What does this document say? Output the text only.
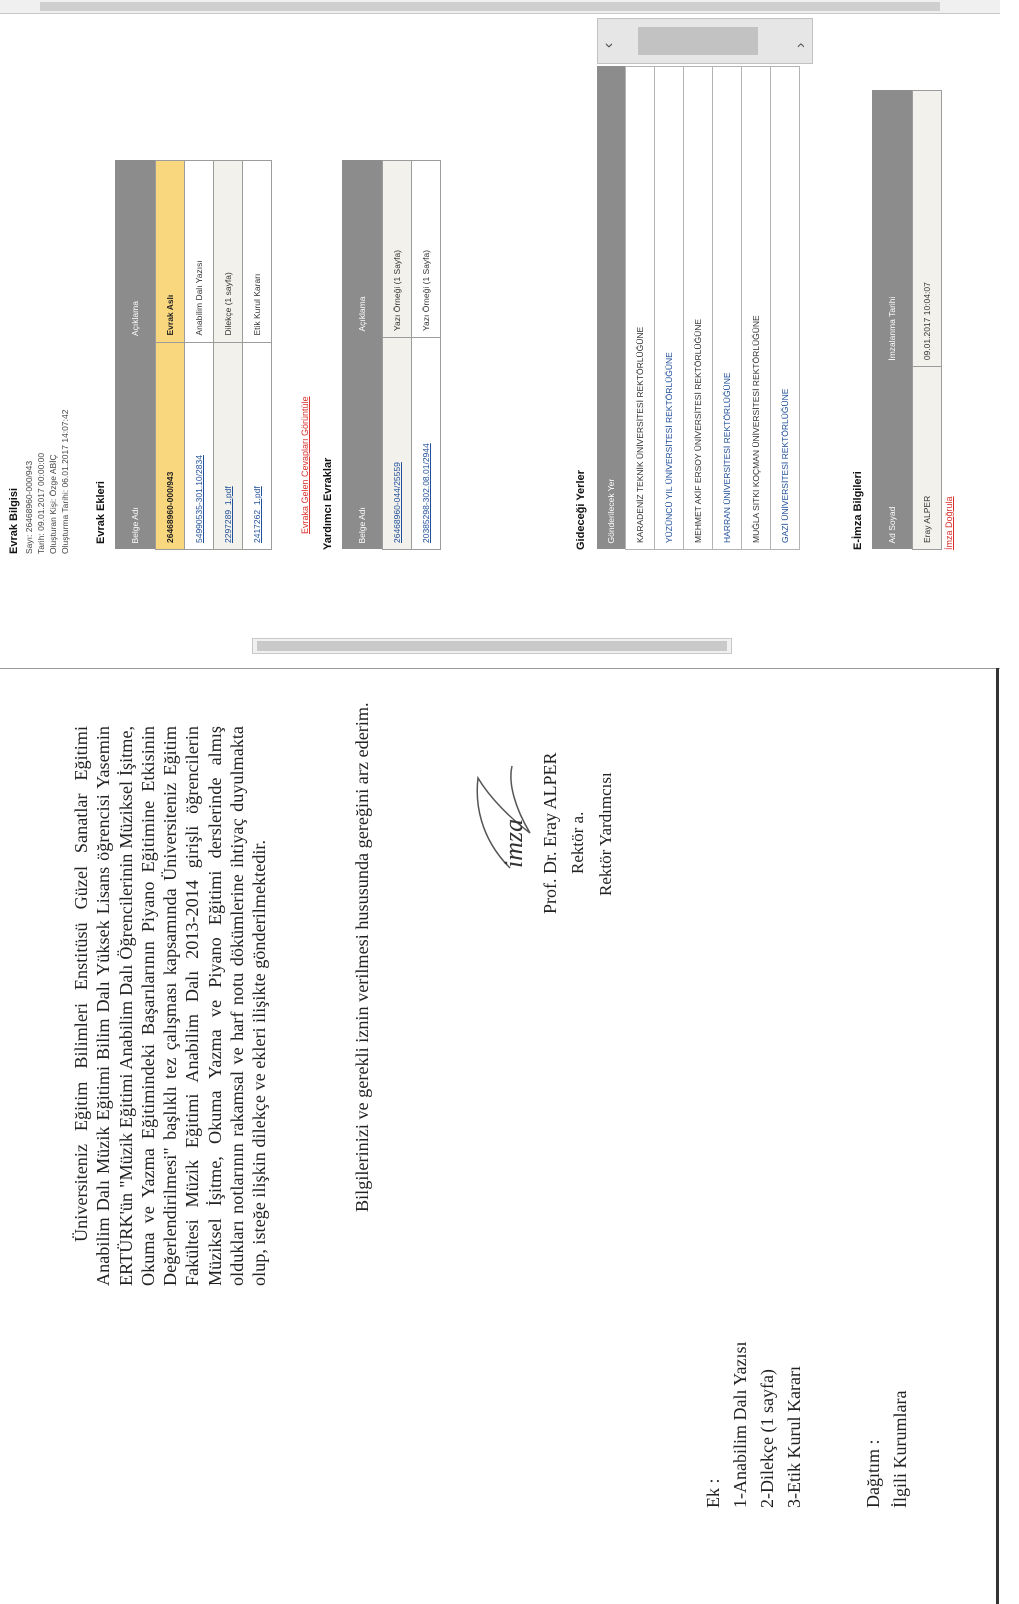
Üniversiteniz Eğitim Bilimleri Enstitüsü Güzel Sanatlar Eğitimi Anabilim Dalı Müzik Eğitimi Bilim Dalı Yüksek Lisans öğrencisi Yasemin ERTÜRK'ün "Müzik Eğitimi Anabilim Dalı Öğrencilerinin Müziksel İşitme, Okuma ve Yazma Eğitimindeki Başarılarının Piyano Eğitimine Etkisinin Değerlendirilmesi" başlıklı tez çalışması kapsamında Üniversiteniz Eğitim Fakültesi Müzik Eğitimi Anabilim Dalı 2013-2014 girişli öğrencilerin Müziksel İşitme, Okuma Yazma ve Piyano Eğitimi derslerinde almış oldukları notlarının rakamsal ve harf notu dökümlerine ihtiyaç duyulmakta olup, isteğe ilişkin dilekçe ve ekleri ilişikte gönderilmektedir.	Bilgilerinizi ve gerekli iznin verilmesi hususunda gereğini arz ederim.	imza Prof. Dr. Eray ALPER Rektör a. Rektör Yardımcısı
Ek : 1-Anabilim Dalı Yazısı 2-Dilekçe (1 sayfa) 3-Etik Kurul Kararı	Dağıtım : İlgili Kurumlara
Evrak Bilgisi Sayı: 26468960-000/943 Tarih: 09.01.2017 00:00:00 Oluşturan Kişi: Özge ABİÇ Oluşturma Tarihi: 06.01.2017 14:07:42 Evrak Ekleri	Belge Adı	Açıklama
26468960-000/943	Evrak Aslı
54990535-301.10/2834	Anabilim Dalı Yazısı
2297289_1.pdf	Dilekçe (1 sayfa)
2417262_1.pdf	Etik Kurul Kararı
Evraka Gelen Cevapları Görüntüle Yardımcı Evraklar	Belge Adı	Açıklama
26468960-044/25559	Yazı Örneği (1 Sayfa)
20385298-302.08.01/2944	Yazı Örneği (1 Sayfa)
Gideceği Yerler Gönderilecek Yer
KARADENİZ TEKNİK ÜNİVERSİTESİ REKTÖRLÜĞÜNE
YÜZÜNCÜ YIL ÜNİVERSİTESİ REKTÖRLÜĞÜNE
MEHMET AKİF ERSOY ÜNİVERSİTESİ REKTÖRLÜĞÜNE
HARRAN ÜNİVERSİTESİ REKTÖRLÜĞÜNE
MUĞLA SITKI KOÇMAN ÜNİVERSİTESİ REKTÖRLÜĞÜNE
GAZİ ÜNİVERSİTESİ REKTÖRLÜĞÜNE
‹	›
E-İmza Bilgileri	Ad Soyad	İmzalanma Tarihi
Eray ALPER	09.01.2017 10:04:07
İmza Doğrula
